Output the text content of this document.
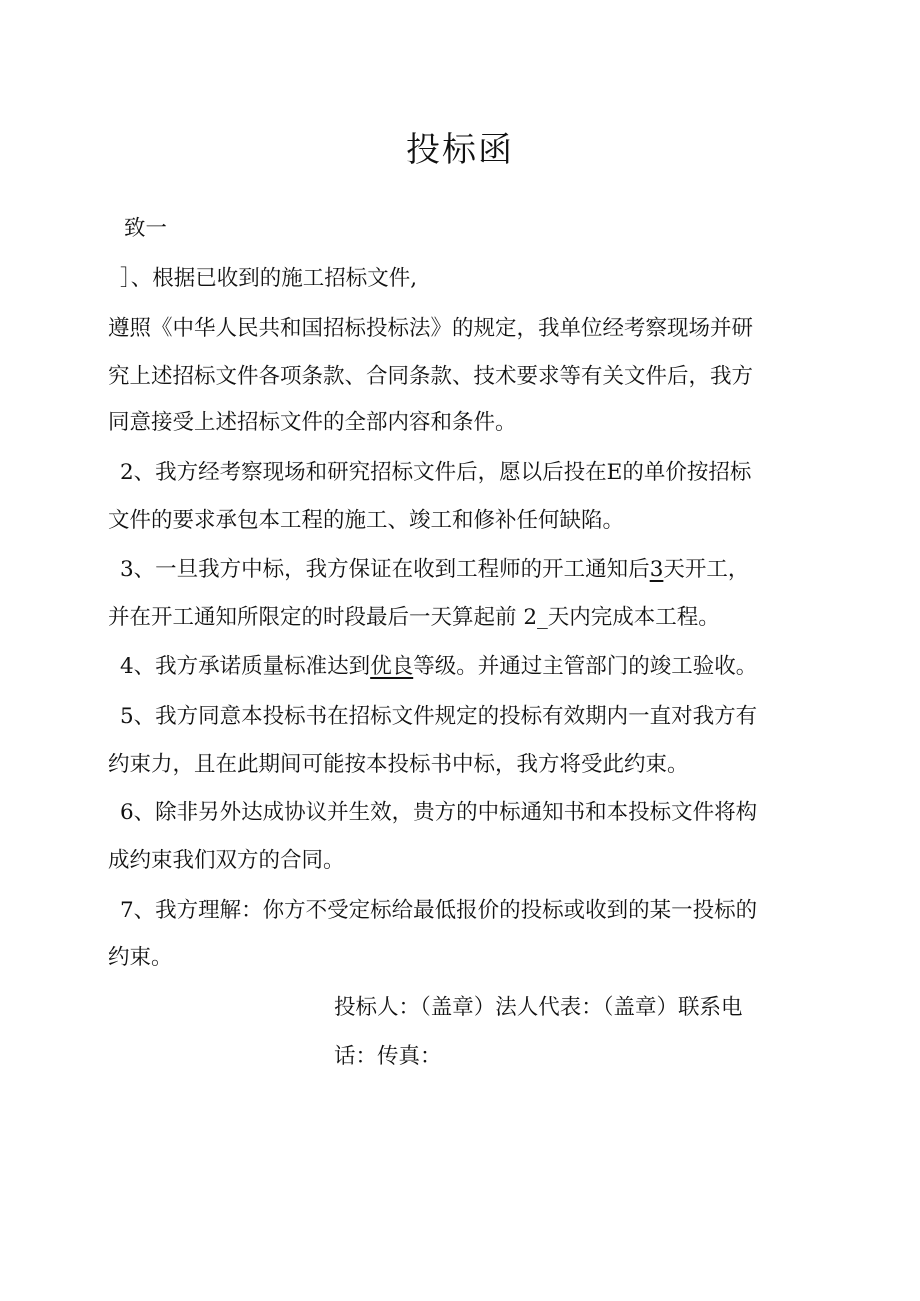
投标函
致一
］、根据已收到的施工招标文件,
遵照《中华人民共和国招标投标法》的规定，我单位经考察现场并研
究上述招标文件各项条款、合同条款、技术要求等有关文件后，我方
同意接受上述招标文件的全部内容和条件。
2、我方经考察现场和研究招标文件后，愿以后投在E的单价按招标
文件的要求承包本工程的施工、竣工和修补任何缺陷。
3、一旦我方中标，我方保证在收到工程师的开工通知后3天开工，
并在开工通知所限定的时段最后一天算起前 2_天内完成本工程。
4、我方承诺质量标准达到优良等级。并通过主管部门的竣工验收。
5、我方同意本投标书在招标文件规定的投标有效期内一直对我方有
约束力，且在此期间可能按本投标书中标，我方将受此约束。
6、除非另外达成协议并生效，贵方的中标通知书和本投标文件将构
成约束我们双方的合同。
7、我方理解：你方不受定标给最低报价的投标或收到的某一投标的
约束。
投标人：（盖章）法人代表：（盖章）联系电
话：传真：
